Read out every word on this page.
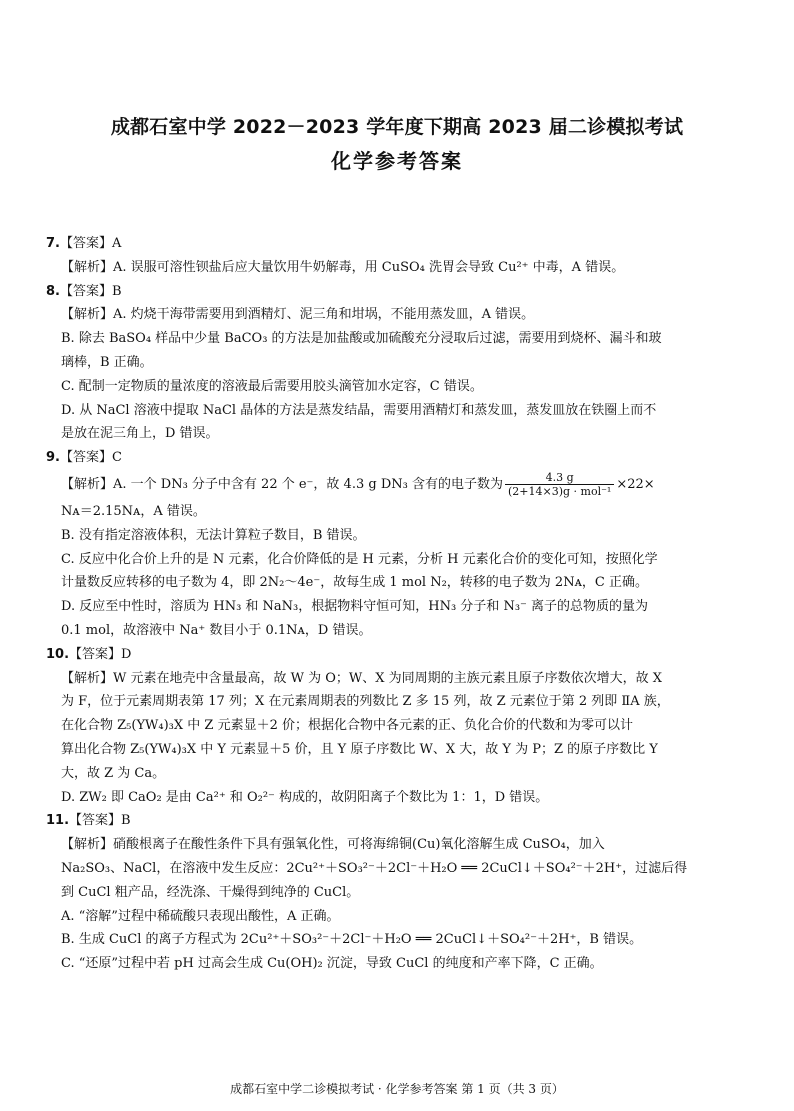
成都石室中学 2022－2023 学年度下期高 2023 届二诊模拟考试
化学参考答案
7.【答案】A
【解析】A. 误服可溶性钡盐后应大量饮用牛奶解毒，用 CuSO₄ 洗胃会导致 Cu²⁺ 中毒，A 错误。
8.【答案】B
【解析】A. 灼烧干海带需要用到酒精灯、泥三角和坩埚，不能用蒸发皿，A 错误。
B. 除去 BaSO₄ 样品中少量 BaCO₃ 的方法是加盐酸或加硫酸充分浸取后过滤，需要用到烧杯、漏斗和玻
璃棒，B 正确。
C. 配制一定物质的量浓度的溶液最后需要用胶头滴管加水定容，C 错误。
D. 从 NaCl 溶液中提取 NaCl 晶体的方法是蒸发结晶，需要用酒精灯和蒸发皿，蒸发皿放在铁圈上而不
是放在泥三角上，D 错误。
9.【答案】C
【解析】A. 一个 DN₃ 分子中含有 22 个 e⁻，故 4.3 g DN₃ 含有的电子数为 $\frac{4.3 g}{\text{(2+14×3)g · mol⁻¹}} \times 22\times$
Nᴀ＝2.15Nᴀ，A 错误。
B. 没有指定溶液体积，无法计算粒子数目，B 错误。
C. 反应中化合价上升的是 N 元素，化合价降低的是 H 元素，分析 H 元素化合价的变化可知，按照化学
计量数反应转移的电子数为 4，即 2N₂～4e⁻，故每生成 1 mol N₂，转移的电子数为 2Nᴀ，C 正确。
D. 反应至中性时，溶质为 HN₃ 和 NaN₃，根据物料守恒可知，HN₃ 分子和 N₃⁻ 离子的总物质的量为
0.1 mol，故溶液中 Na⁺ 数目小于 0.1Nᴀ，D 错误。
10.【答案】D
【解析】W 元素在地壳中含量最高，故 W 为 O；W、X 为同周期的主族元素且原子序数依次增大，故 X
为 F，位于元素周期表第 17 列；X 在元素周期表的列数比 Z 多 15 列，故 Z 元素位于第 2 列即 ⅡA 族，
在化合物 Z₅(YW₄)₃X 中 Z 元素显＋2 价；根据化合物中各元素的正、负化合价的代数和为零可以计
算出化合物 Z₅(YW₄)₃X 中 Y 元素显＋5 价，且 Y 原子序数比 W、X 大，故 Y 为 P；Z 的原子序数比 Y
大，故 Z 为 Ca。
D. ZW₂ 即 CaO₂ 是由 Ca²⁺ 和 O₂²⁻ 构成的，故阴阳离子个数比为 1：1，D 错误。
11.【答案】B
【解析】硝酸根离子在酸性条件下具有强氧化性，可将海绵铜(Cu)氧化溶解生成 CuSO₄，加入
Na₂SO₃、NaCl，在溶液中发生反应：2Cu²⁺＋SO₃²⁻＋2Cl⁻＋H₂O ══ 2CuCl↓＋SO₄²⁻＋2H⁺，过滤后得
到 CuCl 粗产品，经洗涤、干燥得到纯净的 CuCl。
A. “溶解”过程中稀硫酸只表现出酸性，A 正确。
B. 生成 CuCl 的离子方程式为 2Cu²⁺＋SO₃²⁻＋2Cl⁻＋H₂O ══ 2CuCl↓＋SO₄²⁻＋2H⁺，B 错误。
C. “还原”过程中若 pH 过高会生成 Cu(OH)₂ 沉淀，导致 CuCl 的纯度和产率下降，C 正确。
成都石室中学二诊模拟考试 · 化学参考答案 第 1 页（共 3 页）
